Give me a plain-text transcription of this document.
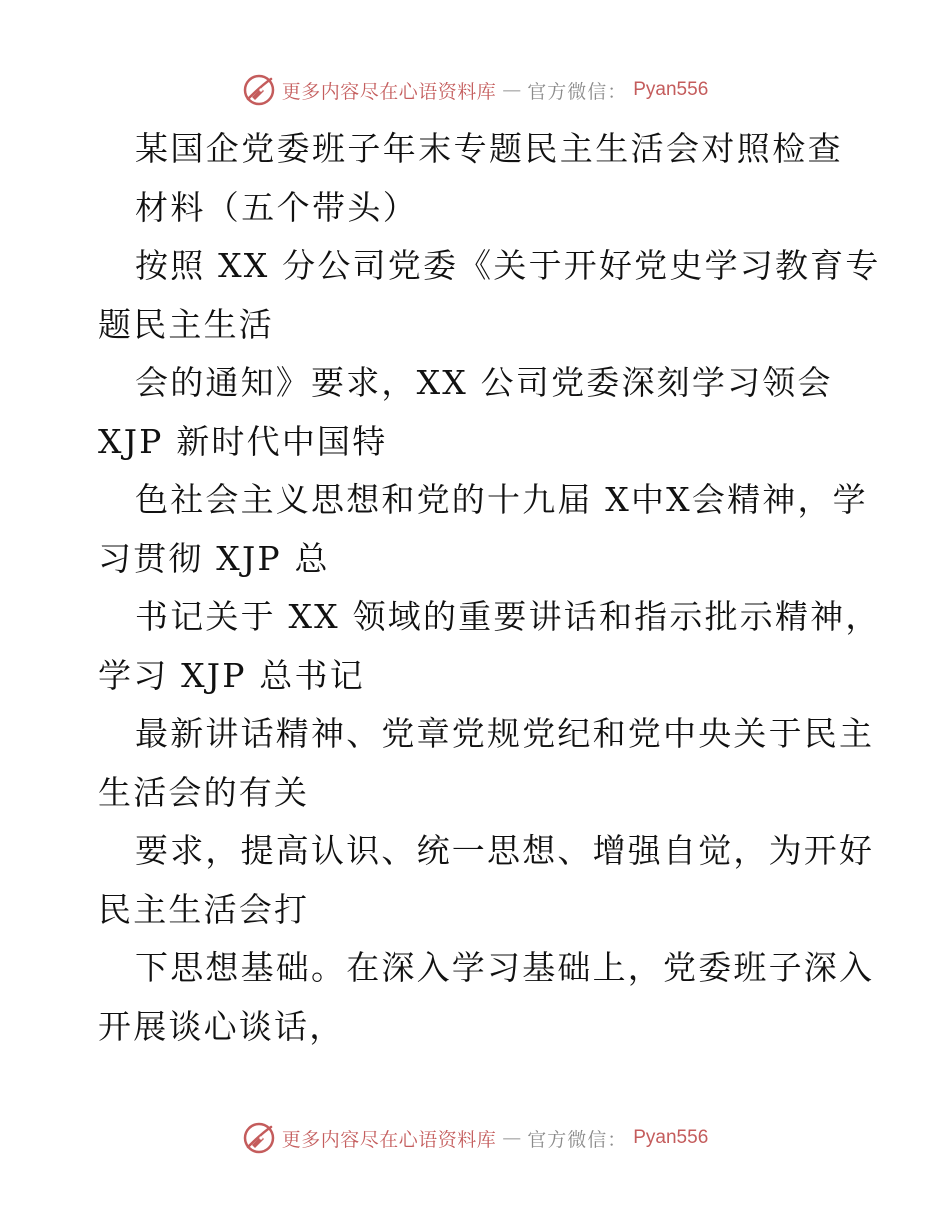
更多内容尽在心语资料库 — 官方微信： Pyan556
某国企党委班子年末专题民主生活会对照检查
材料（五个带头）
按照 XX 分公司党委《关于开好党史学习教育专
题民主生活
会的通知》要求，XX 公司党委深刻学习领会
XJP 新时代中国特
色社会主义思想和党的十九届 X中X会精神，学
习贯彻 XJP 总
书记关于 XX 领域的重要讲话和指示批示精神，
学习 XJP 总书记
最新讲话精神、党章党规党纪和党中央关于民主
生活会的有关
要求，提高认识、统一思想、增强自觉，为开好
民主生活会打
下思想基础。在深入学习基础上，党委班子深入
开展谈心谈话，
更多内容尽在心语资料库 — 官方微信： Pyan556
